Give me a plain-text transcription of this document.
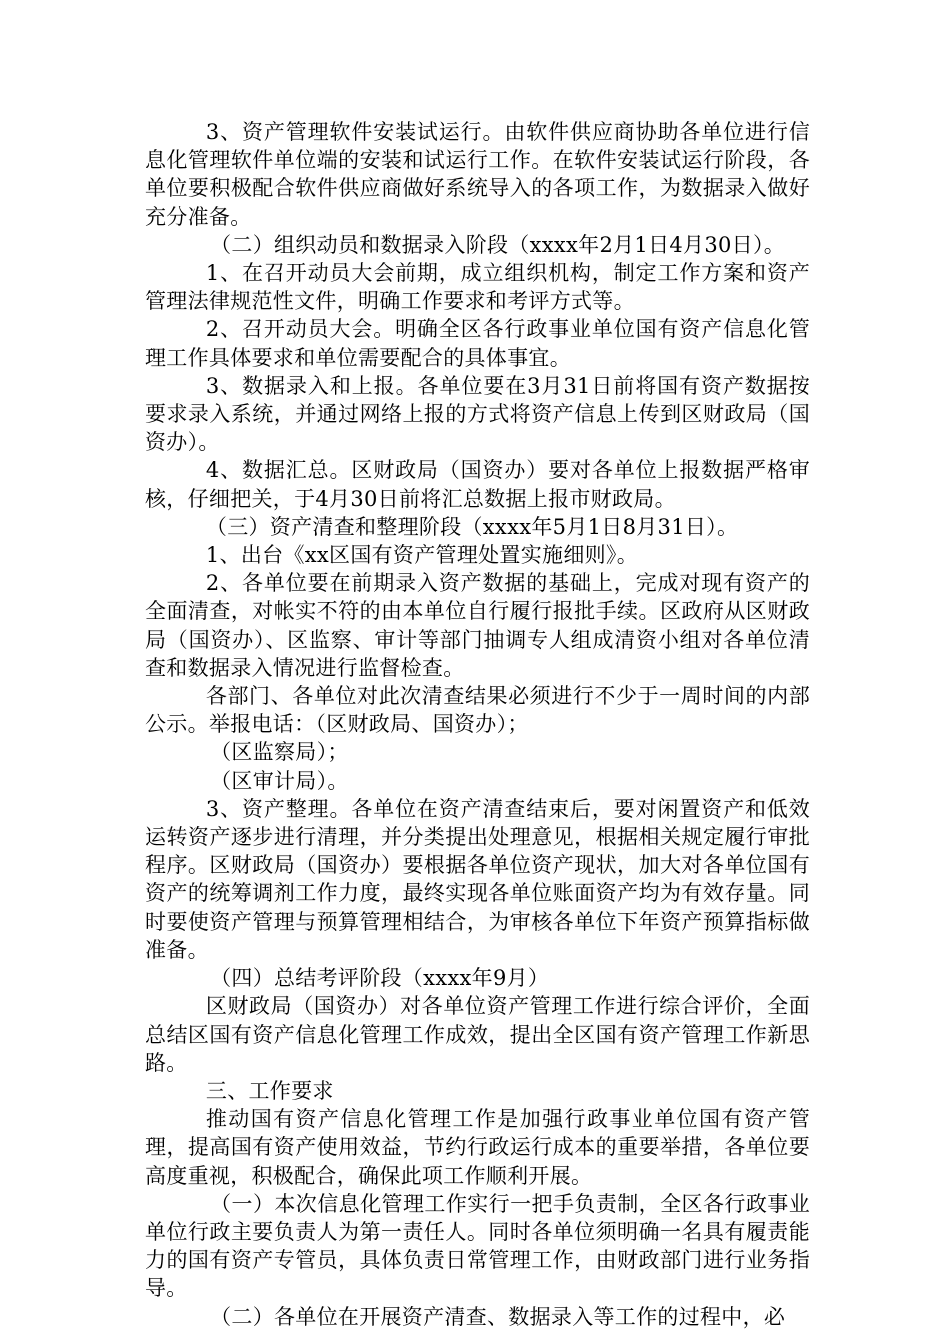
3、资产管理软件安装试运行。由软件供应商协助各单位进行信息化管理软件单位端的安装和试运行工作。在软件安装试运行阶段，各单位要积极配合软件供应商做好系统导入的各项工作，为数据录入做好充分准备。

（二）组织动员和数据录入阶段（xxxx年2月1日4月30日）。

1、在召开动员大会前期，成立组织机构，制定工作方案和资产管理法律规范性文件，明确工作要求和考评方式等。

2、召开动员大会。明确全区各行政事业单位国有资产信息化管理工作具体要求和单位需要配合的具体事宜。

3、数据录入和上报。各单位要在3月31日前将国有资产数据按要求录入系统，并通过网络上报的方式将资产信息上传到区财政局（国资办）。

4、数据汇总。区财政局（国资办）要对各单位上报数据严格审核，仔细把关，于4月30日前将汇总数据上报市财政局。

（三）资产清查和整理阶段（xxxx年5月1日8月31日）。

1、出台《xx区国有资产管理处置实施细则》。

2、各单位要在前期录入资产数据的基础上，完成对现有资产的全面清查，对帐实不符的由本单位自行履行报批手续。区政府从区财政局（国资办）、区监察、审计等部门抽调专人组成清资小组对各单位清查和数据录入情况进行监督检查。

各部门、各单位对此次清查结果必须进行不少于一周时间的内部公示。举报电话：（区财政局、国资办）；

（区监察局）；

（区审计局）。

3、资产整理。各单位在资产清查结束后，要对闲置资产和低效运转资产逐步进行清理，并分类提出处理意见，根据相关规定履行审批程序。区财政局（国资办）要根据各单位资产现状，加大对各单位国有资产的统筹调剂工作力度，最终实现各单位账面资产均为有效存量。同时要使资产管理与预算管理相结合，为审核各单位下年资产预算指标做准备。

（四）总结考评阶段（xxxx年9月）

区财政局（国资办）对各单位资产管理工作进行综合评价，全面总结区国有资产信息化管理工作成效，提出全区国有资产管理工作新思路。

三、工作要求

推动国有资产信息化管理工作是加强行政事业单位国有资产管理，提高国有资产使用效益，节约行政运行成本的重要举措，各单位要高度重视，积极配合，确保此项工作顺利开展。

（一）本次信息化管理工作实行一把手负责制，全区各行政事业单位行政主要负责人为第一责任人。同时各单位须明确一名具有履责能力的国有资产专管员，具体负责日常管理工作，由财政部门进行业务指导。

（二）各单位在开展资产清查、数据录入等工作的过程中，必
